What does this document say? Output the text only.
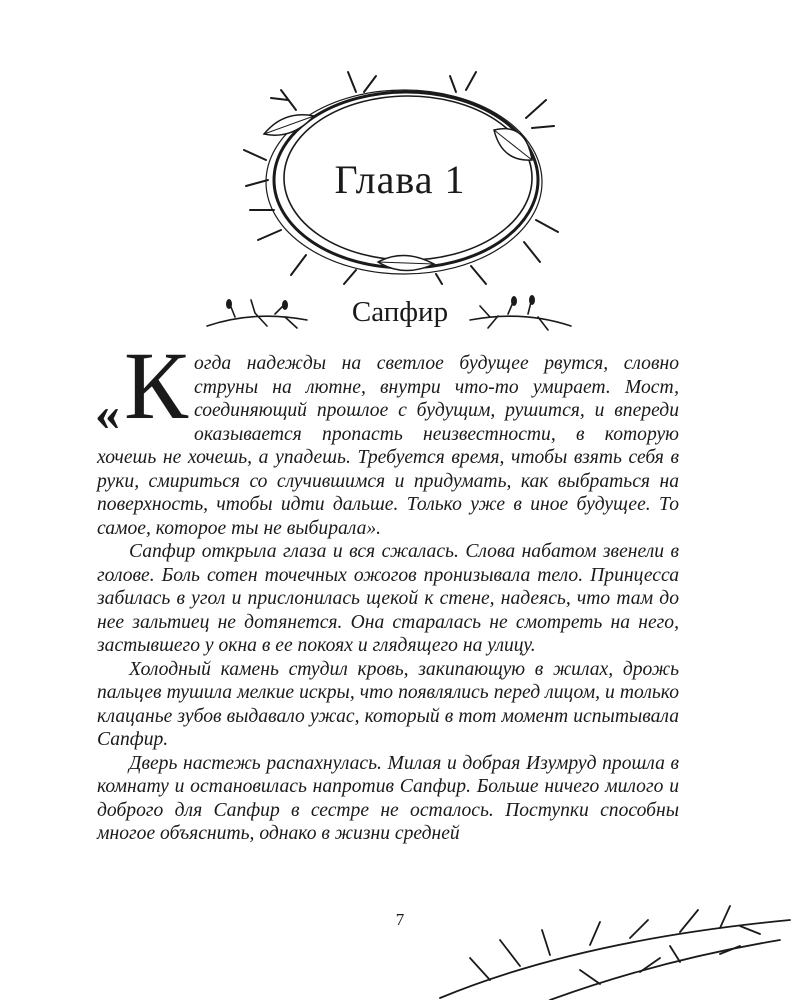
Глава 1
Сапфир

«К огда надежды на светлое будущее рвутся, словно струны на лютне, внутри что-то умирает. Мост, соединяющий прошлое с будущим, рушится, и впереди оказывается пропасть неизвестности, в которую хочешь не хочешь, а упадешь. Требуется время, чтобы взять себя в руки, смириться со случившимся и придумать, как выбраться на поверхность, чтобы идти дальше. Только уже в иное будущее. То самое, которое ты не выбирала».

Сапфир открыла глаза и вся сжалась. Слова набатом звенели в голове. Боль сотен точечных ожогов пронизывала тело. Принцесса забилась в угол и прислонилась щекой к стене, надеясь, что там до нее зальтиец не дотянется. Она старалась не смотреть на него, застывшего у окна в ее покоях и глядящего на улицу.

Холодный камень студил кровь, закипающую в жилах, дрожь пальцев тушила мелкие искры, что появлялись перед лицом, и только клацанье зубов выдавало ужас, который в тот момент испытывала Сапфир.

Дверь настежь распахнулась. Милая и добрая Изумруд прошла в комнату и остановилась напротив Сапфир. Больше ничего милого и доброго для Сапфир в сестре не осталось. Поступки способны многое объяснить, однако в жизни средней

7
